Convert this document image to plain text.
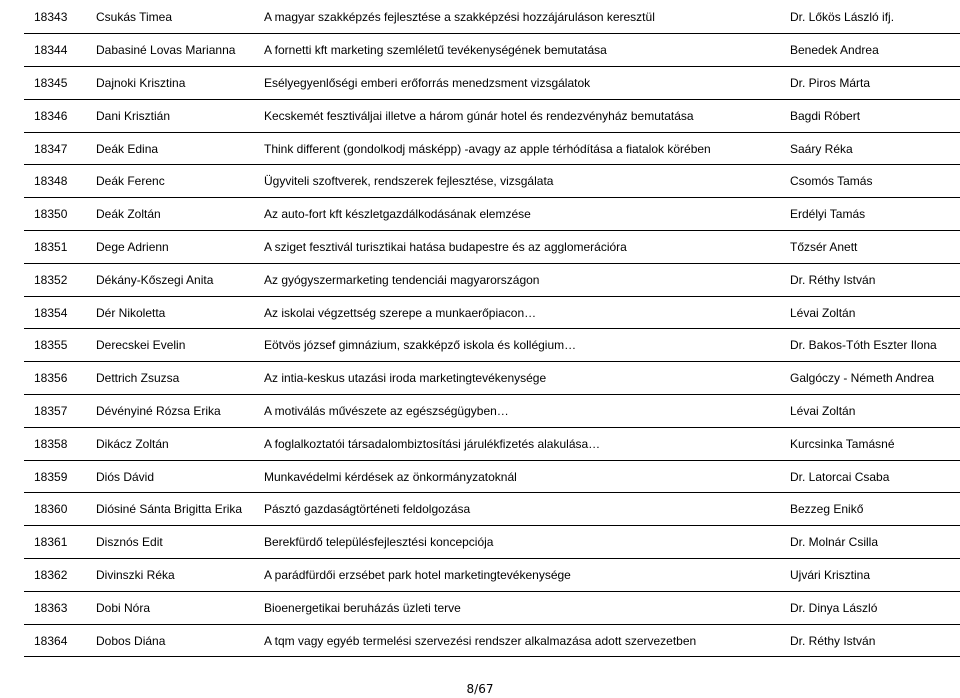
18343	Csukás Timea	A magyar szakképzés fejlesztése a szakképzési hozzájáruláson keresztül	Dr. Lőkös László ifj.
18344	Dabasiné Lovas Marianna	A fornetti kft marketing szemléletű tevékenységének bemutatása	Benedek Andrea
18345	Dajnoki Krisztina	Esélyegyenlőségi emberi erőforrás menedzsment vizsgálatok	Dr. Piros Márta
18346	Dani Krisztián	Kecskemét fesztiváljai illetve a három gúnár hotel és rendezvényház bemutatása	Bagdi Róbert
18347	Deák Edina	Think different (gondolkodj másképp) -avagy az apple térhódítása a fiatalok körében	Saáry Réka
18348	Deák Ferenc	Ügyviteli szoftverek, rendszerek fejlesztése, vizsgálata	Csomós Tamás
18350	Deák Zoltán	Az auto-fort kft készletgazdálkodásának elemzése	Erdélyi Tamás
18351	Dege Adrienn	A sziget fesztivál turisztikai hatása budapestre és az agglomerációra	Tőzsér Anett
18352	Dékány-Kőszegi Anita	Az gyógyszermarketing tendenciái magyarországon	Dr. Réthy István
18354	Dér Nikoletta	Az iskolai végzettség szerepe a munkaerőpiacon…	Lévai Zoltán
18355	Derecskei Evelin	Eötvös józsef gimnázium, szakképző iskola és kollégium…	Dr. Bakos-Tóth Eszter Ilona
18356	Dettrich Zsuzsa	Az intia-keskus utazási iroda marketingtevékenysége	Galgóczy - Németh Andrea
18357	Dévényiné Rózsa Erika	A motiválás művészete az egészségügyben…	Lévai Zoltán
18358	Dikácz Zoltán	A foglalkoztatói társadalombiztosítási járulékfizetés alakulása…	Kurcsinka Tamásné
18359	Diós Dávid	Munkavédelmi kérdések az önkormányzatoknál	Dr. Latorcai Csaba
18360	Diósiné Sánta Brigitta Erika	Pásztó gazdaságtörténeti feldolgozása	Bezzeg Enikő
18361	Disznós Edit	Berekfürdő településfejlesztési koncepciója	Dr. Molnár Csilla
18362	Divinszki Réka	A parádfürdői erzsébet park hotel marketingtevékenysége	Ujvári Krisztina
18363	Dobi Nóra	Bioenergetikai beruházás üzleti terve	Dr. Dinya László
18364	Dobos Diána	A tqm vagy egyéb termelési szervezési rendszer alkalmazása adott szervezetben	Dr. Réthy István
8/67
